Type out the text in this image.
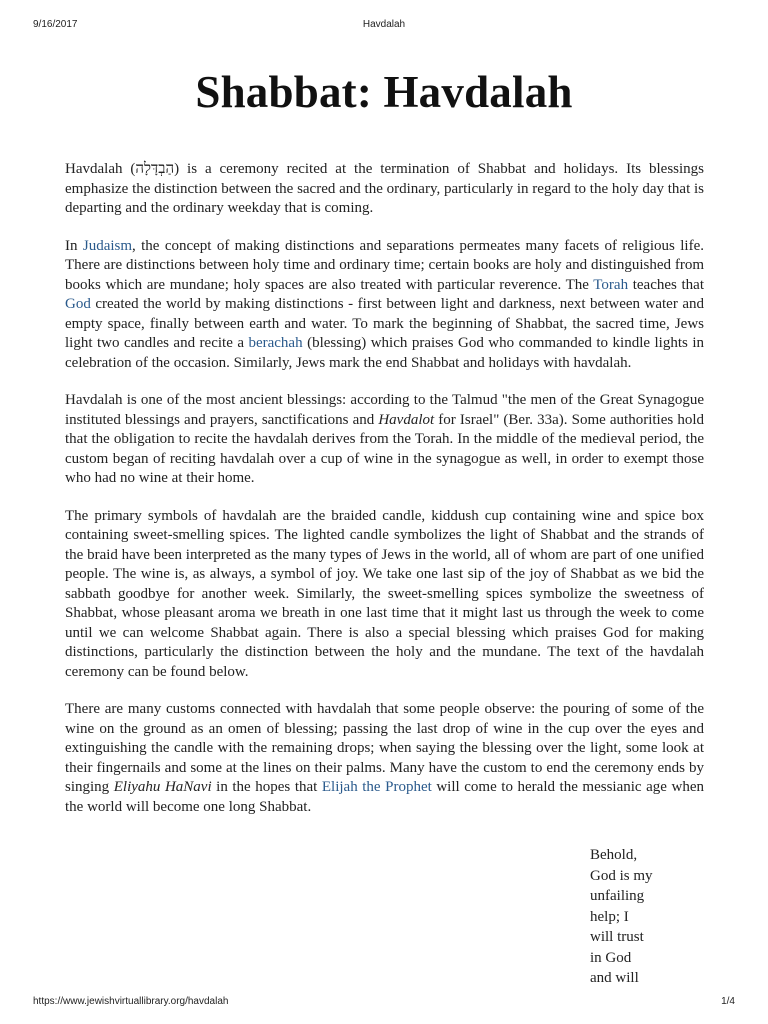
9/16/2017	Havdalah
Shabbat: Havdalah

Havdalah (הַבְדָּלָה) is a ceremony recited at the termination of Shabbat and holidays. Its blessings emphasize the distinction between the sacred and the ordinary, particularly in regard to the holy day that is departing and the ordinary weekday that is coming.

In Judaism, the concept of making distinctions and separations permeates many facets of religious life. There are distinctions between holy time and ordinary time; certain books are holy and distinguished from books which are mundane; holy spaces are also treated with particular reverence. The Torah teaches that God created the world by making distinctions - first between light and darkness, next between water and empty space, finally between earth and water. To mark the beginning of Shabbat, the sacred time, Jews light two candles and recite a berachah (blessing) which praises God who commanded to kindle lights in celebration of the occasion. Similarly, Jews mark the end Shabbat and holidays with havdalah.

Havdalah is one of the most ancient blessings: according to the Talmud "the men of the Great Synagogue instituted blessings and prayers, sanctifications and Havdalot for Israel" (Ber. 33a). Some authorities hold that the obligation to recite the havdalah derives from the Torah. In the middle of the medieval period, the custom began of reciting havdalah over a cup of wine in the synagogue as well, in order to exempt those who had no wine at their home.

The primary symbols of havdalah are the braided candle, kiddush cup containing wine and spice box containing sweet-smelling spices. The lighted candle symbolizes the light of Shabbat and the strands of the braid have been interpreted as the many types of Jews in the world, all of whom are part of one unified people. The wine is, as always, a symbol of joy. We take one last sip of the joy of Shabbat as we bid the sabbath goodbye for another week. Similarly, the sweet-smelling spices symbolize the sweetness of Shabbat, whose pleasant aroma we breath in one last time that it might last us through the week to come until we can welcome Shabbat again. There is also a special blessing which praises God for making distinctions, particularly the distinction between the holy and the mundane. The text of the havdalah ceremony can be found below.

There are many customs connected with havdalah that some people observe: the pouring of some of the wine on the ground as an omen of blessing; passing the last drop of wine in the cup over the eyes and extinguishing the candle with the remaining drops; when saying the blessing over the light, some look at their fingernails and some at the lines on their palms. Many have the custom to end the ceremony ends by singing Eliyahu HaNavi in the hopes that Elijah the Prophet will come to herald the messianic age when the world will become one long Shabbat.

Behold,
God is my
unfailing
help; I
will trust
in God
and will
https://www.jewishvirtuallibrary.org/havdalah	1/4
